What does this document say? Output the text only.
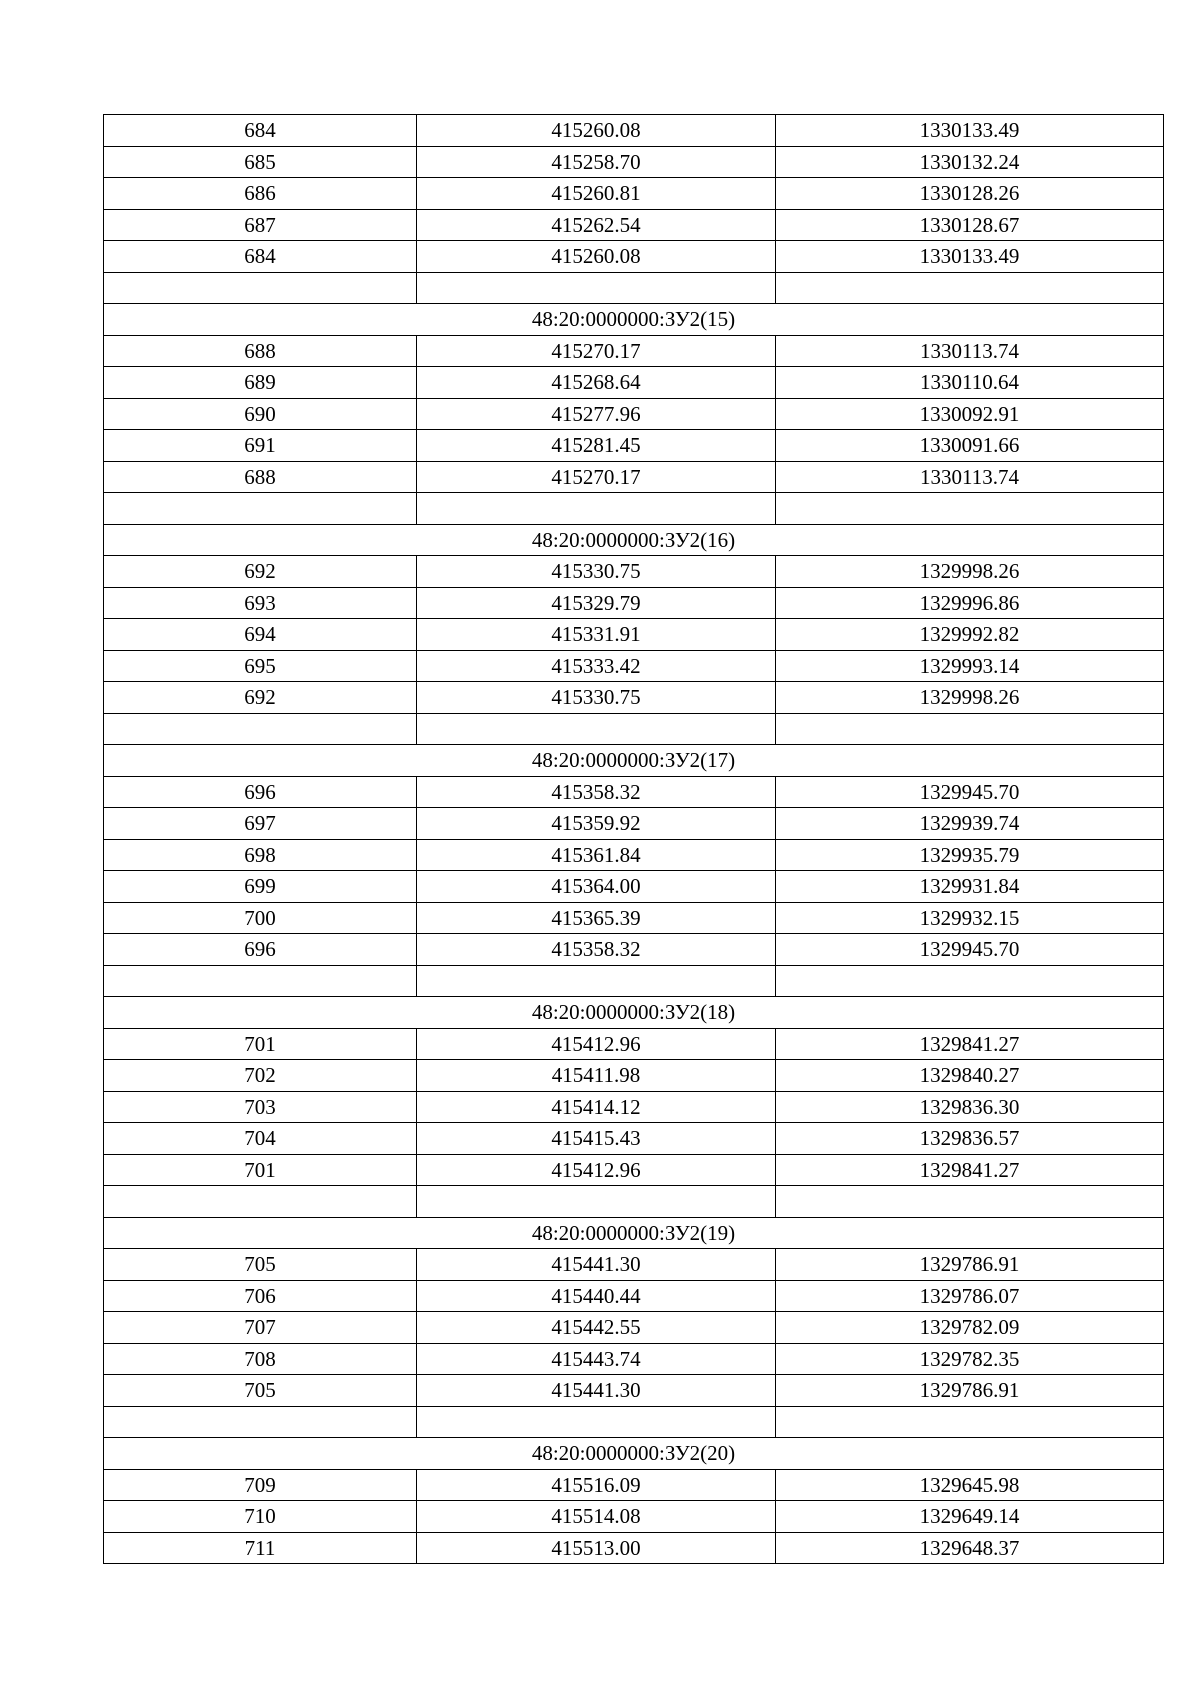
684	415260.08	1330133.49
685	415258.70	1330132.24
686	415260.81	1330128.26
687	415262.54	1330128.67
684	415260.08	1330133.49

48:20:0000000:ЗУ2(15)		
688	415270.17	1330113.74
689	415268.64	1330110.64
690	415277.96	1330092.91
691	415281.45	1330091.66
688	415270.17	1330113.74

48:20:0000000:ЗУ2(16)		
692	415330.75	1329998.26
693	415329.79	1329996.86
694	415331.91	1329992.82
695	415333.42	1329993.14
692	415330.75	1329998.26

48:20:0000000:ЗУ2(17)		
696	415358.32	1329945.70
697	415359.92	1329939.74
698	415361.84	1329935.79
699	415364.00	1329931.84
700	415365.39	1329932.15
696	415358.32	1329945.70

48:20:0000000:ЗУ2(18)		
701	415412.96	1329841.27
702	415411.98	1329840.27
703	415414.12	1329836.30
704	415415.43	1329836.57
701	415412.96	1329841.27

48:20:0000000:ЗУ2(19)		
705	415441.30	1329786.91
706	415440.44	1329786.07
707	415442.55	1329782.09
708	415443.74	1329782.35
705	415441.30	1329786.91

48:20:0000000:ЗУ2(20)		
709	415516.09	1329645.98
710	415514.08	1329649.14
711	415513.00	1329648.37
